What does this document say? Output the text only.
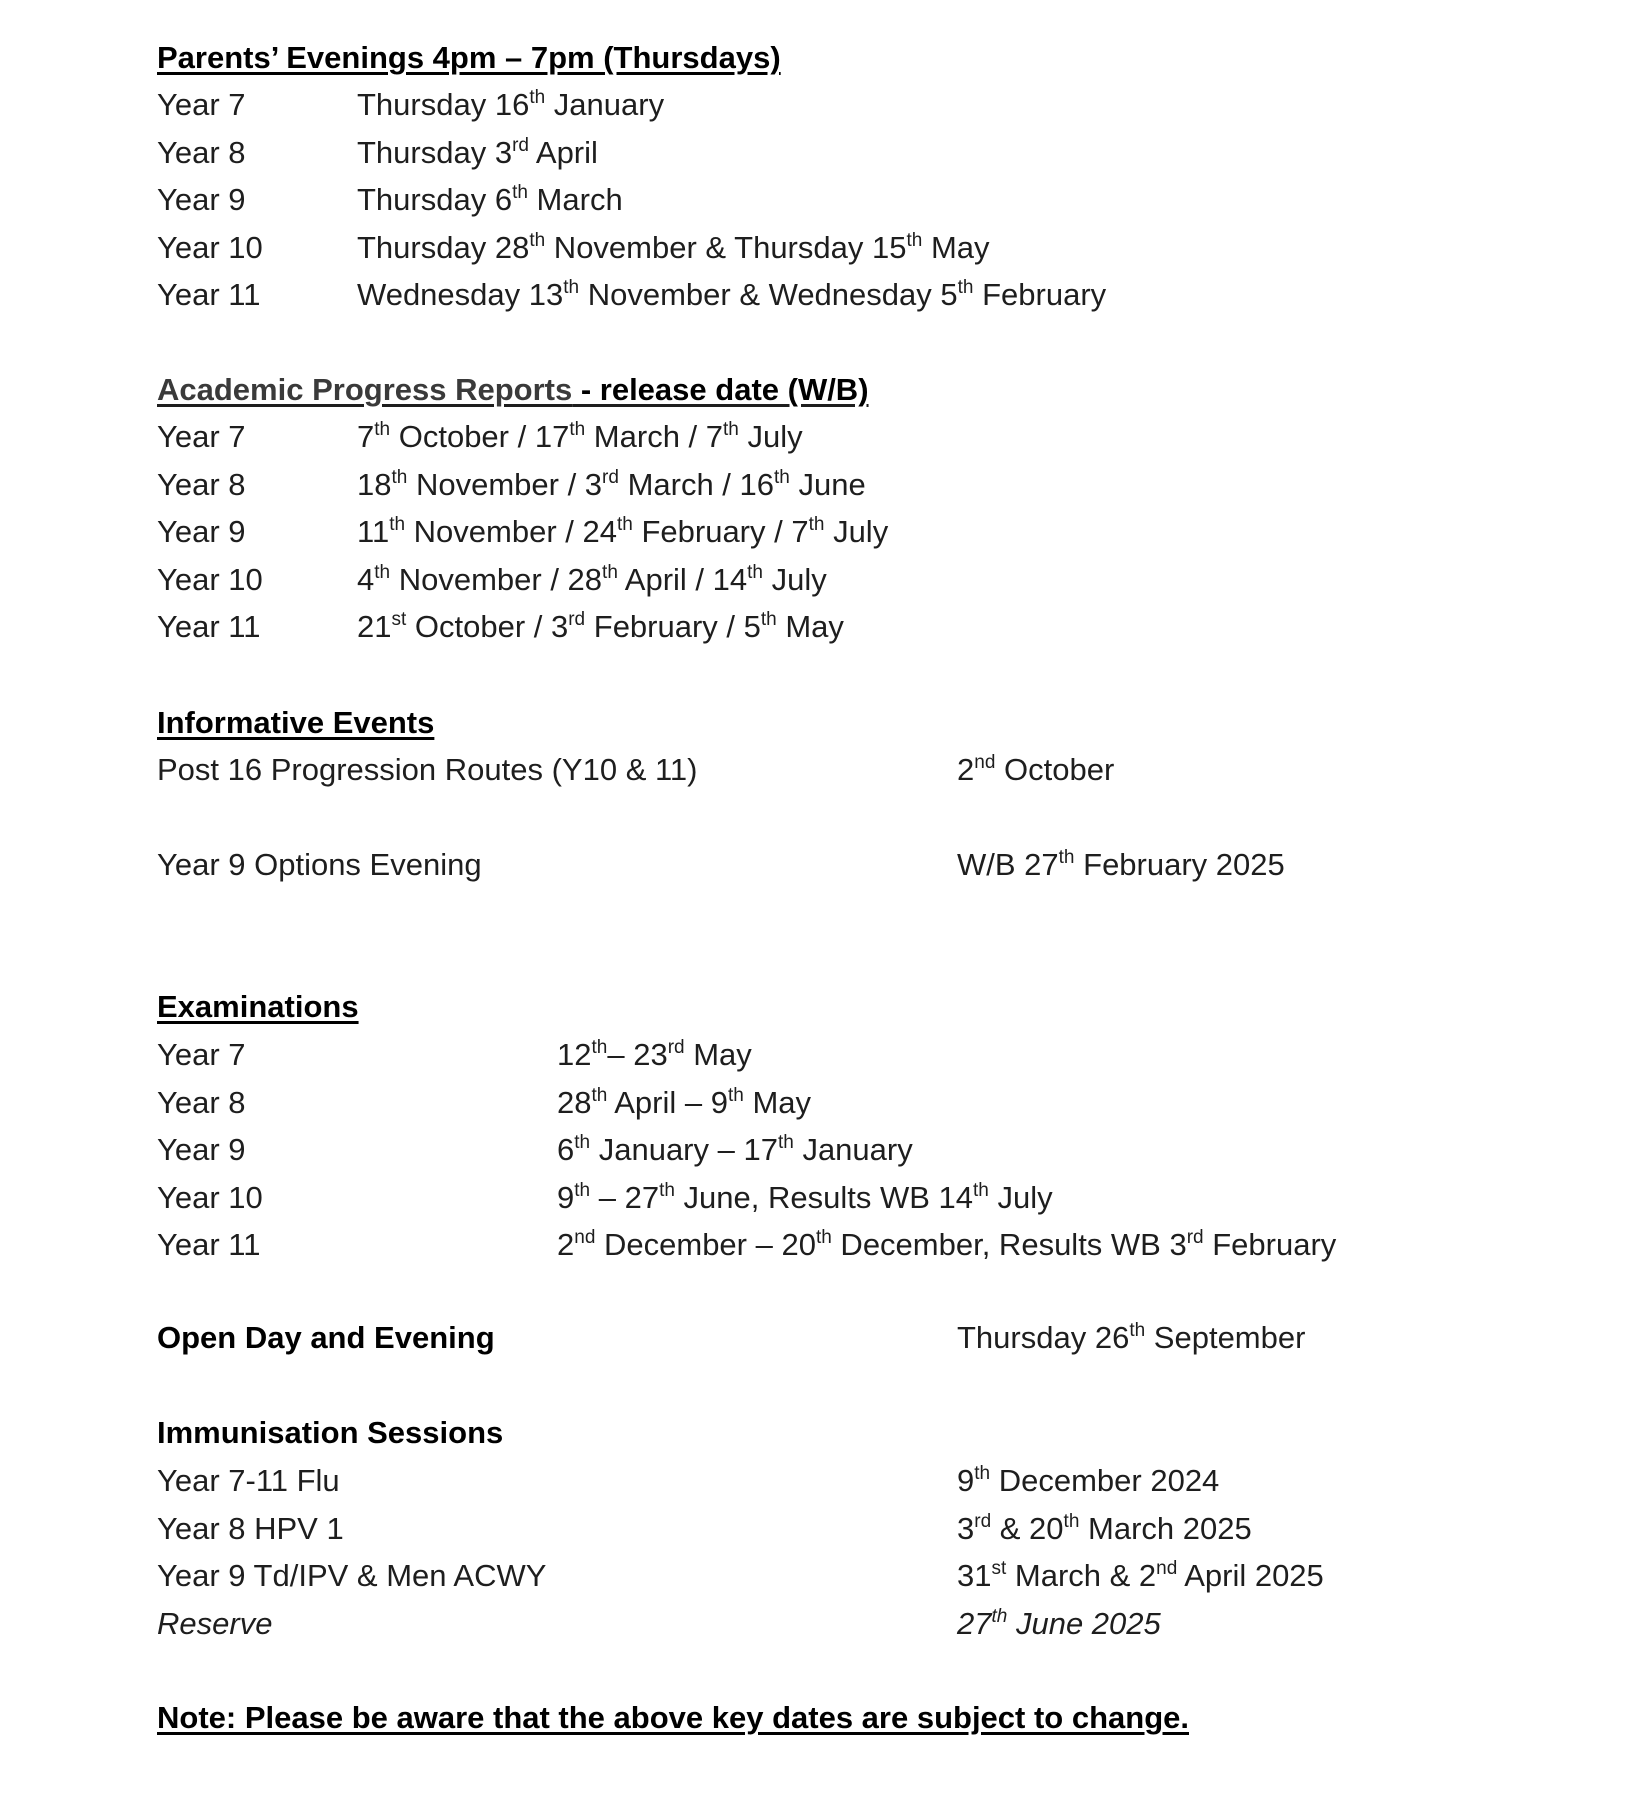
Parents’ Evenings 4pm – 7pm (Thursdays)
Year 7	Thursday 16th January
Year 8	Thursday 3rd April
Year 9	Thursday 6th March
Year 10	Thursday 28th November & Thursday 15th May
Year 11	Wednesday 13th November & Wednesday 5th February
Academic Progress Reports - release date (W/B)
Year 7	7th October / 17th March / 7th July
Year 8	18th November / 3rd March / 16th June
Year 9	11th November / 24th February / 7th July
Year 10	4th November / 28th April / 14th July
Year 11	21st October / 3rd February / 5th May
Informative Events
Post 16 Progression Routes (Y10 & 11)	2nd October
Year 9 Options Evening	W/B 27th February 2025
Examinations
Year 7	12th– 23rd May
Year 8	28th April – 9th May
Year 9	6th January – 17th January
Year 10	9th – 27th June, Results WB 14th July
Year 11	2nd December – 20th December, Results WB 3rd February
Open Day and Evening	Thursday 26th September
Immunisation Sessions
Year 7-11 Flu	9th December 2024
Year 8 HPV 1	3rd & 20th March 2025
Year 9 Td/IPV & Men ACWY	31st March & 2nd April 2025
Reserve	27th June 2025
Note: Please be aware that the above key dates are subject to change.
